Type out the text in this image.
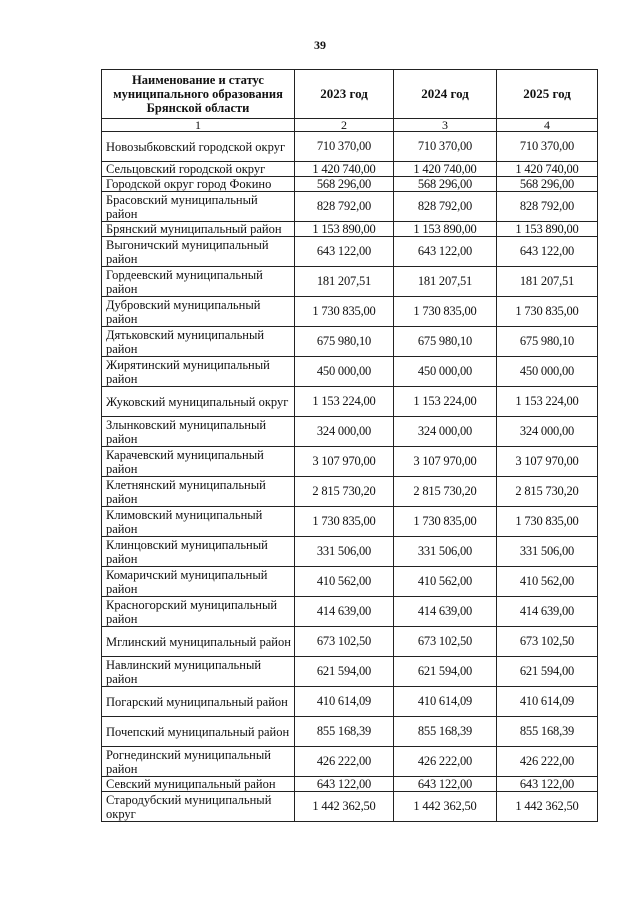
39
Наименование и статус муниципального образования Брянской области	2023 год	2024 год	2025 год
1	2	3	4
Новозыбковский городской округ	710 370,00	710 370,00	710 370,00
Сельцовский городской округ	1 420 740,00	1 420 740,00	1 420 740,00
Городской округ город Фокино	568 296,00	568 296,00	568 296,00
Брасовский муниципальный район	828 792,00	828 792,00	828 792,00
Брянский муниципальный район	1 153 890,00	1 153 890,00	1 153 890,00
Выгоничский муниципальный район	643 122,00	643 122,00	643 122,00
Гордеевский муниципальный район	181 207,51	181 207,51	181 207,51
Дубровский муниципальный район	1 730 835,00	1 730 835,00	1 730 835,00
Дятьковский муниципальный район	675 980,10	675 980,10	675 980,10
Жирятинский муниципальный район	450 000,00	450 000,00	450 000,00
Жуковский муниципальный округ	1 153 224,00	1 153 224,00	1 153 224,00
Злынковский муниципальный район	324 000,00	324 000,00	324 000,00
Карачевский муниципальный район	3 107 970,00	3 107 970,00	3 107 970,00
Клетнянский муниципальный район	2 815 730,20	2 815 730,20	2 815 730,20
Климовский муниципальный район	1 730 835,00	1 730 835,00	1 730 835,00
Клинцовский муниципальный район	331 506,00	331 506,00	331 506,00
Комаричский муниципальный район	410 562,00	410 562,00	410 562,00
Красногорский муниципальный район	414 639,00	414 639,00	414 639,00
Мглинский муниципальный район	673 102,50	673 102,50	673 102,50
Навлинский муниципальный район	621 594,00	621 594,00	621 594,00
Погарский муниципальный район	410 614,09	410 614,09	410 614,09
Почепский муниципальный район	855 168,39	855 168,39	855 168,39
Рогнединский муниципальный район	426 222,00	426 222,00	426 222,00
Севский муниципальный район	643 122,00	643 122,00	643 122,00
Стародубский муниципальный округ	1 442 362,50	1 442 362,50	1 442 362,50
